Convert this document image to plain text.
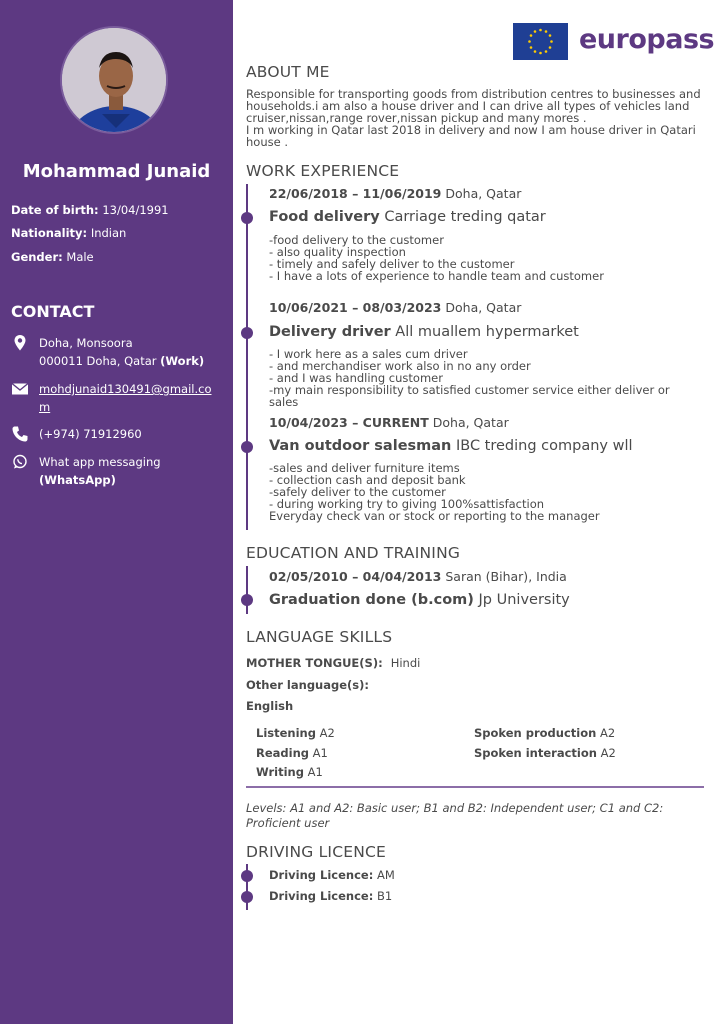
Mohammad Junaid
Date of birth: 13/04/1991
Nationality: Indian
Gender: Male
CONTACT
Doha, Monsoora
000011 Doha, Qatar (Work)
mohdjunaid130491@gmail.com
(+974) 71912960
What app messaging
(WhatsApp)
europass
ABOUT ME
Responsible for transporting goods from distribution centres to businesses and households.i am also a house driver and I can drive all types of vehicles land cruiser,nissan,range rover,nissan pickup and many mores .
I m working in Qatar last 2018 in delivery and now I am house driver in Qatari house .
WORK EXPERIENCE
22/06/2018 – 11/06/2019 Doha, Qatar
Food delivery Carriage treding qatar
-food delivery to the customer
- also quality inspection
- timely and safely deliver to the customer
- I have a lots of experience to handle team and customer
10/06/2021 – 08/03/2023 Doha, Qatar
Delivery driver All muallem hypermarket
- I work here as a sales cum driver
- and merchandiser work also in no any order
- and I was handling customer
-my main responsibility to satisfied customer service either deliver or sales
10/04/2023 – CURRENT Doha, Qatar
Van outdoor salesman IBC treding company wll
-sales and deliver furniture items
- collection cash and deposit bank
-safely deliver to the customer
- during working try to giving 100%sattisfaction
Everyday check van or stock or reporting to the manager
EDUCATION AND TRAINING
02/05/2010 – 04/04/2013 Saran (Bihar), India
Graduation done (b.com) Jp University
LANGUAGE SKILLS
MOTHER TONGUE(S): Hindi
Other language(s):
English
Listening A2
Reading A1
Writing A1
Spoken production A2
Spoken interaction A2
Levels: A1 and A2: Basic user; B1 and B2: Independent user; C1 and C2: Proficient user
DRIVING LICENCE
Driving Licence: AM
Driving Licence: B1
